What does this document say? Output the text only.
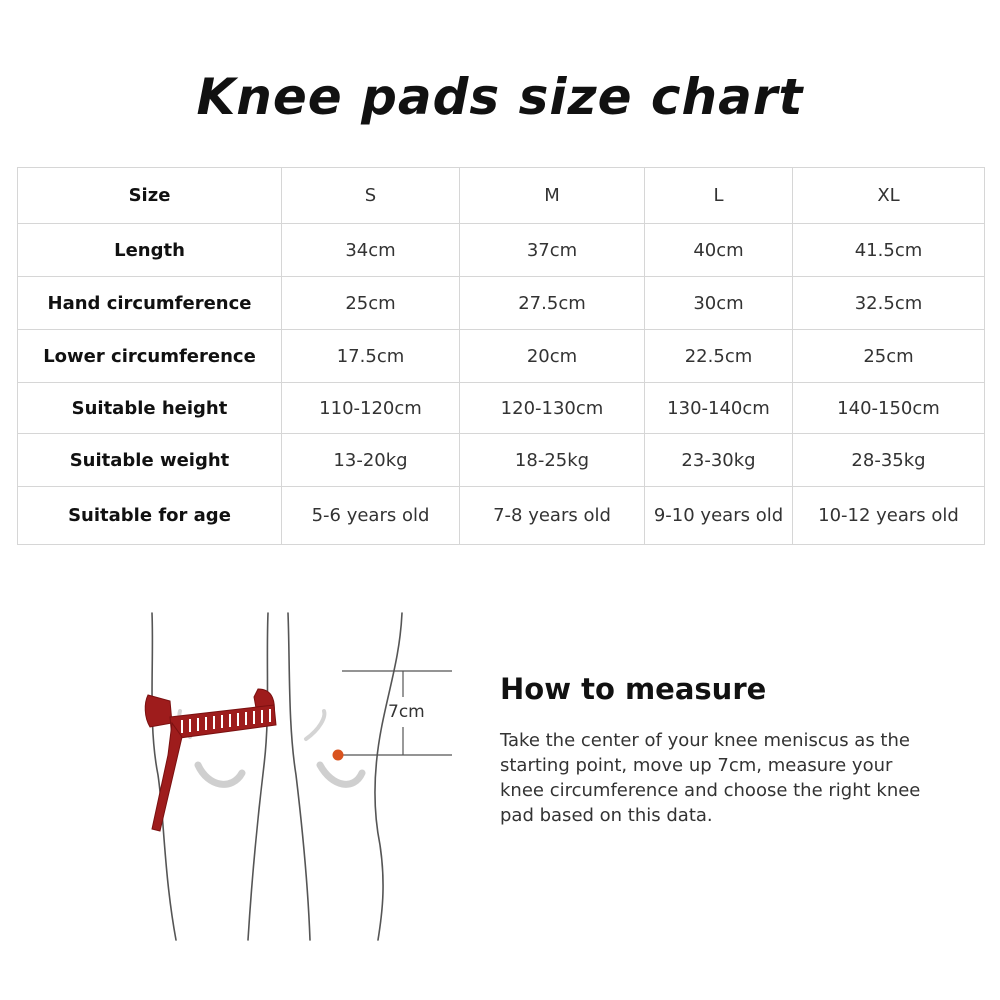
Knee pads size chart
Size	S	M	L	XL
Length	34cm	37cm	40cm	41.5cm
Hand circumference	25cm	27.5cm	30cm	32.5cm
Lower circumference	17.5cm	20cm	22.5cm	25cm
Suitable height	110-120cm	120-130cm	130-140cm	140-150cm
Suitable weight	13-20kg	18-25kg	23-30kg	28-35kg
Suitable for age	5-6 years old	7-8 years old	9-10 years old	10-12 years old
7cm
How to measure
Take the center of your knee meniscus as the starting point, move up 7cm, measure your knee circumference and choose the right knee pad based on this data.
